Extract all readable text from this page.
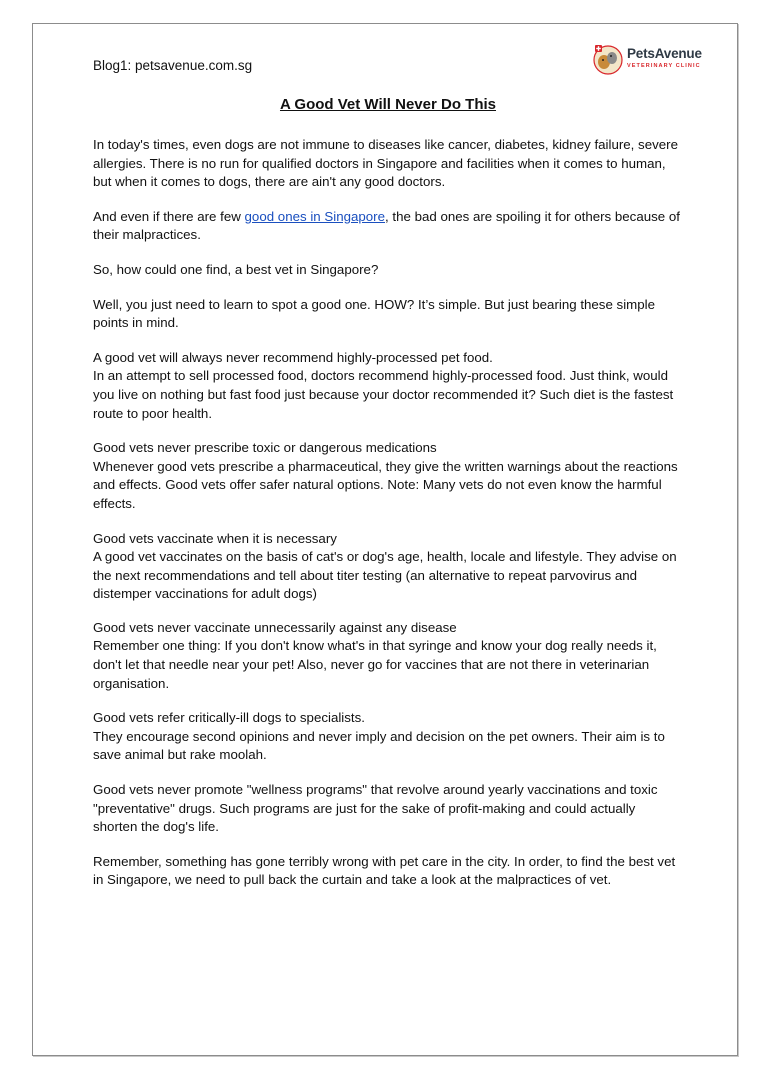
Blog1: petsavenue.com.sg
PetsAvenue
VETERINARY CLINIC
A Good Vet Will Never Do This

In today's times, even dogs are not immune to diseases like cancer, diabetes, kidney failure, severe
allergies. There is no run for qualified doctors in Singapore and facilities when it comes to human,
but when it comes to dogs, there are ain't any good doctors.

And even if there are few good ones in Singapore, the bad ones are spoiling it for others because of
their malpractices.

So, how could one find, a best vet in Singapore?

Well, you just need to learn to spot a good one. HOW? It’s simple. But just bearing these simple
points in mind.

A good vet will always never recommend highly-processed pet food.
In an attempt to sell processed food, doctors recommend highly-processed food. Just think, would
you live on nothing but fast food just because your doctor recommended it? Such diet is the fastest
route to poor health.

Good vets never prescribe toxic or dangerous medications
Whenever good vets prescribe a pharmaceutical, they give the written warnings about the reactions
and effects. Good vets offer safer natural options. Note: Many vets do not even know the harmful
effects.

Good vets vaccinate when it is necessary
A good vet vaccinates on the basis of cat's or dog's age, health, locale and lifestyle. They advise on
the next recommendations and tell about titer testing (an alternative to repeat parvovirus and
distemper vaccinations for adult dogs)

Good vets never vaccinate unnecessarily against any disease
Remember one thing: If you don't know what's in that syringe and know your dog really needs it,
don't let that needle near your pet! Also, never go for vaccines that are not there in veterinarian
organisation.

Good vets refer critically-ill dogs to specialists.
They encourage second opinions and never imply and decision on the pet owners. Their aim is to
save animal but rake moolah.

Good vets never promote "wellness programs" that revolve around yearly vaccinations and toxic
"preventative" drugs. Such programs are just for the sake of profit-making and could actually
shorten the dog's life.

Remember, something has gone terribly wrong with pet care in the city. In order, to find the best vet
in Singapore, we need to pull back the curtain and take a look at the malpractices of vet.
